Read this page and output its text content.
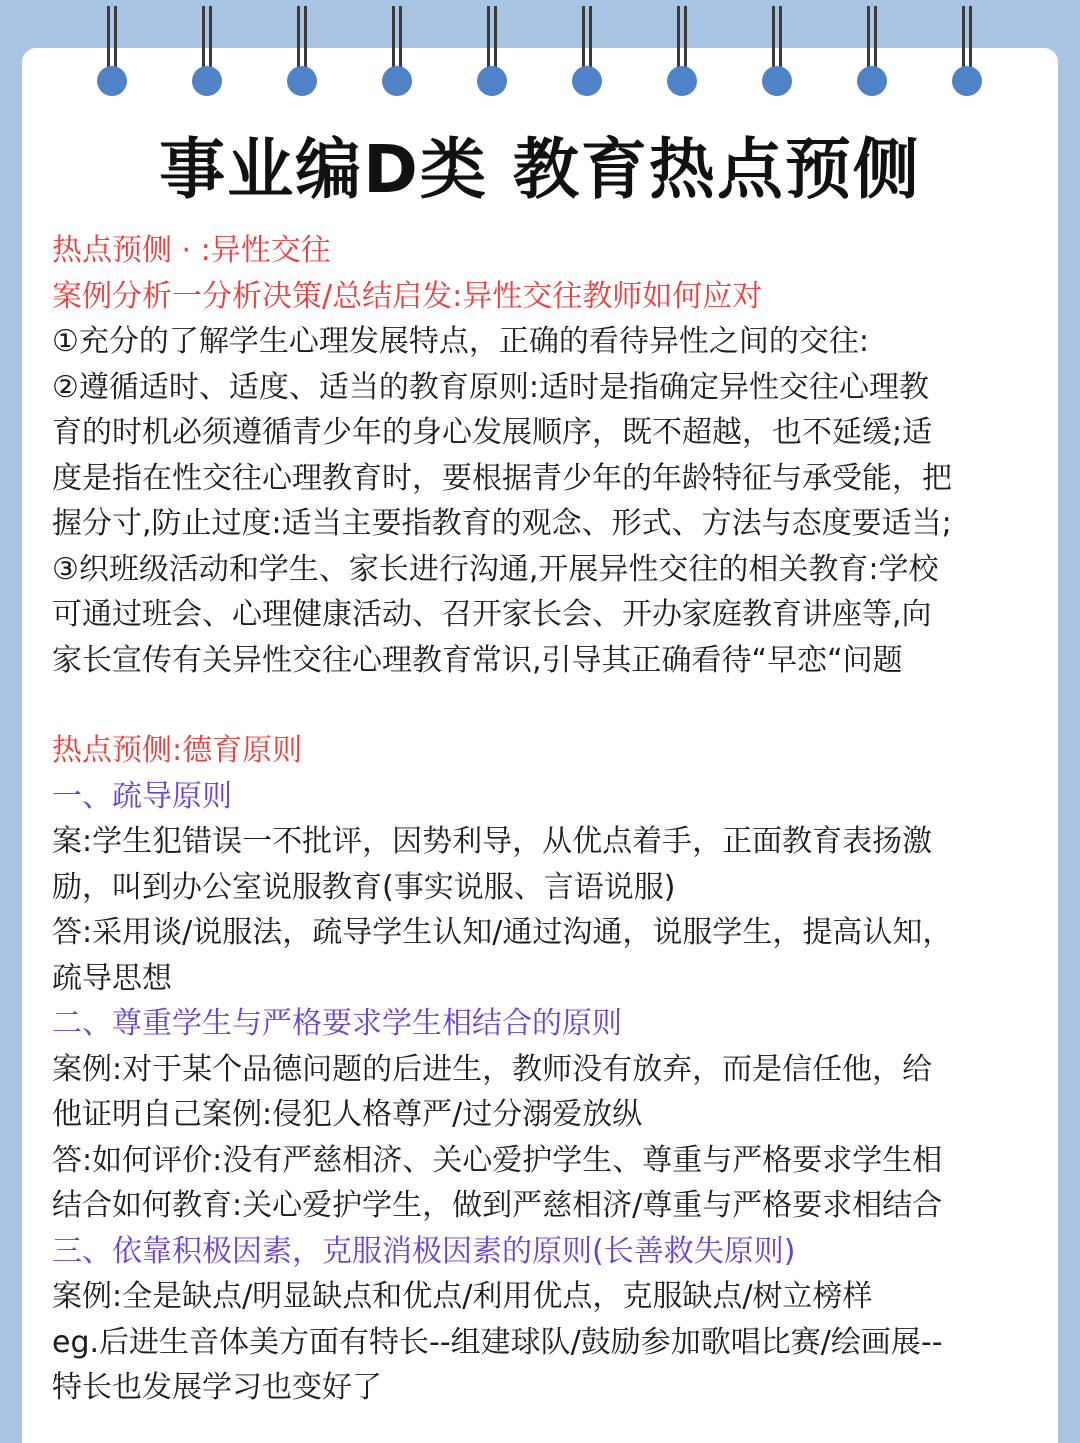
事业编D类 教育热点预侧
热点预侧 · :异性交往
案例分析一分析决策/总结启发:异性交往教师如何应对
①充分的了解学生心理发展特点，正确的看待异性之间的交往:
②遵循适时、适度、适当的教育原则:适时是指确定异性交往心理教
育的时机必须遵循青少年的身心发展顺序，既不超越，也不延缓;适
度是指在性交往心理教育时，要根据青少年的年龄特征与承受能，把
握分寸,防止过度:适当主要指教育的观念、形式、方法与态度要适当;
③织班级活动和学生、家长进行沟通,开展异性交往的相关教育:学校
可通过班会、心理健康活动、召开家长会、开办家庭教育讲座等,向
家长宣传有关异性交往心理教育常识,引导其正确看待“早恋“问题
热点预侧:德育原则
一、疏导原则
案:学生犯错误一不批评，因势利导，从优点着手，正面教育表扬激
励，叫到办公室说服教育(事实说服、言语说服)
答:采用谈/说服法，疏导学生认知/通过沟通，说服学生，提高认知，
疏导思想
二、尊重学生与严格要求学生相结合的原则
案例:对于某个品德问题的后进生，教师没有放弃，而是信任他，给
他证明自己案例:侵犯人格尊严/过分溺爱放纵
答:如何评价:没有严慈相济、关心爱护学生、尊重与严格要求学生相
结合如何教育:关心爱护学生，做到严慈相济/尊重与严格要求相结合
三、依靠积极因素，克服消极因素的原则(长善救失原则)
案例:全是缺点/明显缺点和优点/利用优点，克服缺点/树立榜样
eg.后进生音体美方面有特长--组建球队/鼓励参加歌唱比赛/绘画展--
特长也发展学习也变好了
